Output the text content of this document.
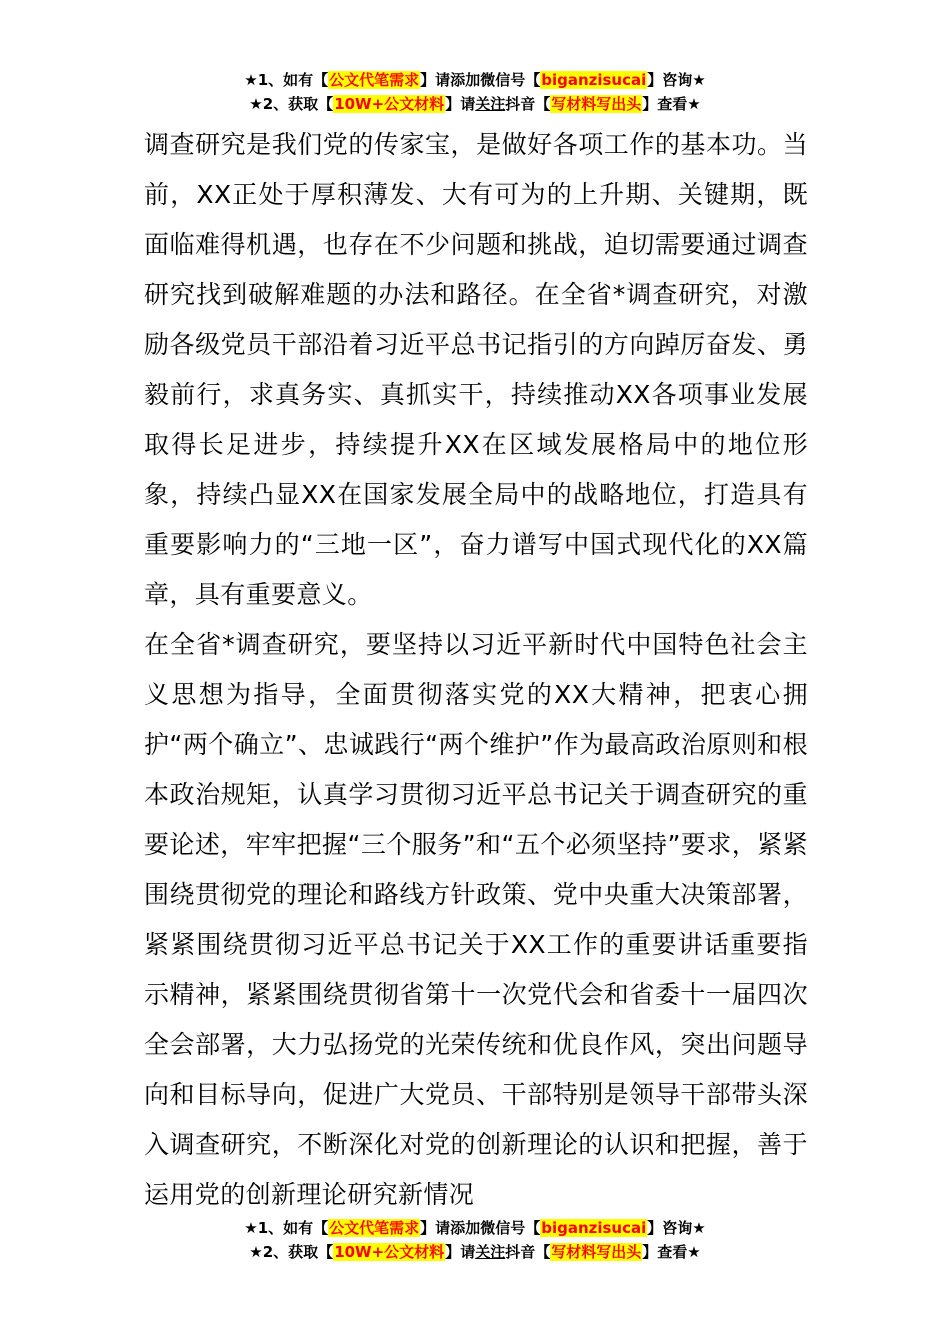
★1、如有【公文代笔需求】请添加微信号【biganzisucai】咨询★
★2、获取【10W+公文材料】请关注抖音【写材料写出头】查看★

调查研究是我们党的传家宝，是做好各项工作的基本功。当前，XX正处于厚积薄发、大有可为的上升期、关键期，既面临难得机遇，也存在不少问题和挑战，迫切需要通过调查研究找到破解难题的办法和路径。在全省*调查研究，对激励各级党员干部沿着习近平总书记指引的方向踔厉奋发、勇毅前行，求真务实、真抓实干，持续推动XX各项事业发展取得长足进步，持续提升XX在区域发展格局中的地位形象，持续凸显XX在国家发展全局中的战略地位，打造具有重要影响力的“三地一区”，奋力谱写中国式现代化的XX篇章，具有重要意义。

在全省*调查研究，要坚持以习近平新时代中国特色社会主义思想为指导，全面贯彻落实党的XX大精神，把衷心拥护“两个确立”、忠诚践行“两个维护”作为最高政治原则和根本政治规矩，认真学习贯彻习近平总书记关于调查研究的重要论述，牢牢把握“三个服务”和“五个必须坚持”要求，紧紧围绕贯彻党的理论和路线方针政策、党中央重大决策部署，紧紧围绕贯彻习近平总书记关于XX工作的重要讲话重要指示精神，紧紧围绕贯彻省第十一次党代会和省委十一届四次全会部署，大力弘扬党的光荣传统和优良作风，突出问题导向和目标导向，促进广大党员、干部特别是领导干部带头深入调查研究，不断深化对党的创新理论的认识和把握，善于运用党的创新理论研究新情况

★1、如有【公文代笔需求】请添加微信号【biganzisucai】咨询★
★2、获取【10W+公文材料】请关注抖音【写材料写出头】查看★
